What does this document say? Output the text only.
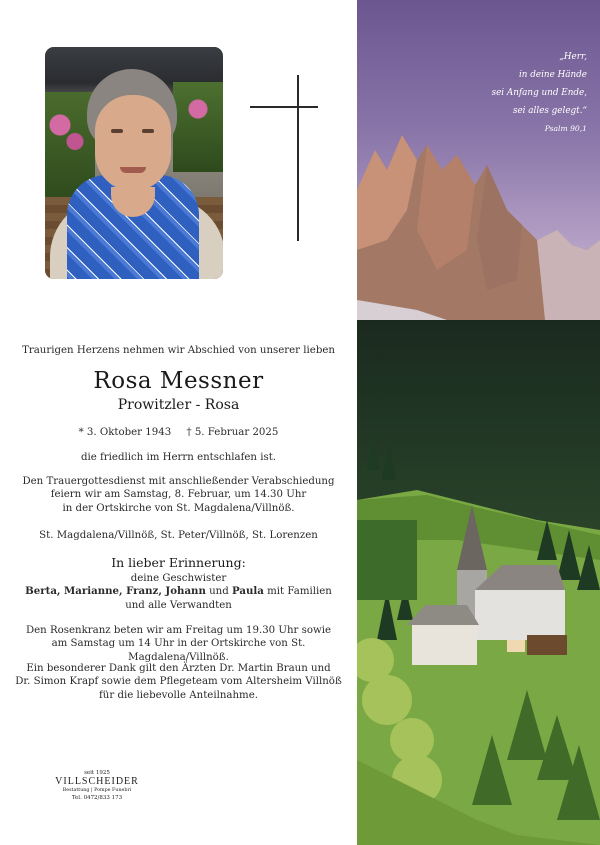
Traurigen Herzens nehmen wir Abschied von unserer lieben
Rosa Messner
Prowitzler - Rosa
* 3. Oktober 1943 † 5. Februar 2025
die friedlich im Herrn entschlafen ist.
Den Trauergottesdienst mit anschließender Verabschiedung
feiern wir am Samstag, 8. Februar, um 14.30 Uhr
in der Ortskirche von St. Magdalena/Villnöß.
St. Magdalena/Villnöß, St. Peter/Villnöß, St. Lorenzen
In lieber Erinnerung:
deine Geschwister
Berta, Marianne, Franz, Johann und Paula mit Familien
und alle Verwandten
Den Rosenkranz beten wir am Freitag um 19.30 Uhr sowie
am Samstag um 14 Uhr in der Ortskirche von St. Magdalena/Villnöß.
Ein besonderer Dank gilt den Ärzten Dr. Martin Braun und
Dr. Simon Krapf sowie dem Pflegeteam vom Altersheim Villnöß
für die liebevolle Anteilnahme.
seit 1925
VILLSCHEIDER
Bestattung | Pompe Funebri
Tel. 0472/833 173
„Herr,
in deine Hände
sei Anfang und Ende,
sei alles gelegt.“
Psalm 90,1
